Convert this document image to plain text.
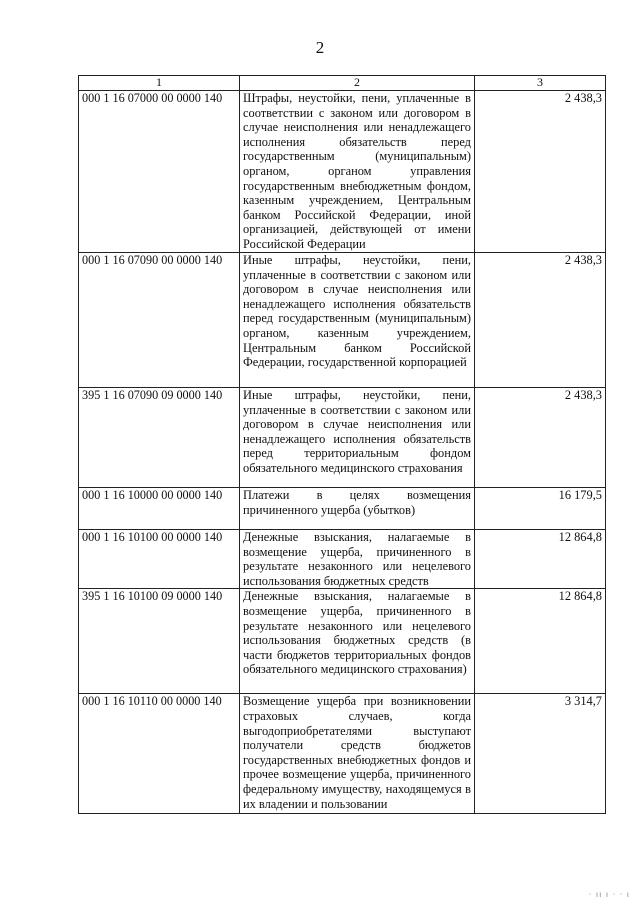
2
1	2	3
000 1 16 07000 00 0000 140	Штрафы, неустойки, пени, уплаченные в соответствии с законом или договором в случае неисполнения или ненадлежащего исполнения обязательств перед государственным (муниципальным) органом, органом управления государственным внебюджетным фондом, казенным учреждением, Центральным банком Российской Федерации, иной организацией, действующей от имени Российской Федерации	2 438,3
000 1 16 07090 00 0000 140	Иные штрафы, неустойки, пени, уплаченные в соответствии с законом или договором в случае неисполнения или ненадлежащего исполнения обязательств перед государственным (муниципальным) органом, казенным учреждением, Центральным банком Российской Федерации, государственной корпорацией	2 438,3
395 1 16 07090 09 0000 140	Иные штрафы, неустойки, пени, уплаченные в соответствии с законом или договором в случае неисполнения или ненадлежащего исполнения обязательств перед территориальным фондом обязательного медицинского страхования	2 438,3
000 1 16 10000 00 0000 140	Платежи в целях возмещения причиненного ущерба (убытков)	16 179,5
000 1 16 10100 00 0000 140	Денежные взыскания, налагаемые в возмещение ущерба, причиненного в результате незаконного или нецелевого использования бюджетных средств	12 864,8
395 1 16 10100 09 0000 140	Денежные взыскания, налагаемые в возмещение ущерба, причиненного в результате незаконного или нецелевого использования бюджетных средств (в части бюджетов территориальных фондов обязательного медицинского страхования)	12 864,8
000 1 16 10110 00 0000 140	Возмещение ущерба при возникновении страховых случаев, когда выгодоприобретателями выступают получатели средств бюджетов государственных внебюджетных фондов и прочее возмещение ущерба, причиненного федеральному имуществу, находящемуся в их владении и пользовании	3 314,7
· ıı ı · · ı
